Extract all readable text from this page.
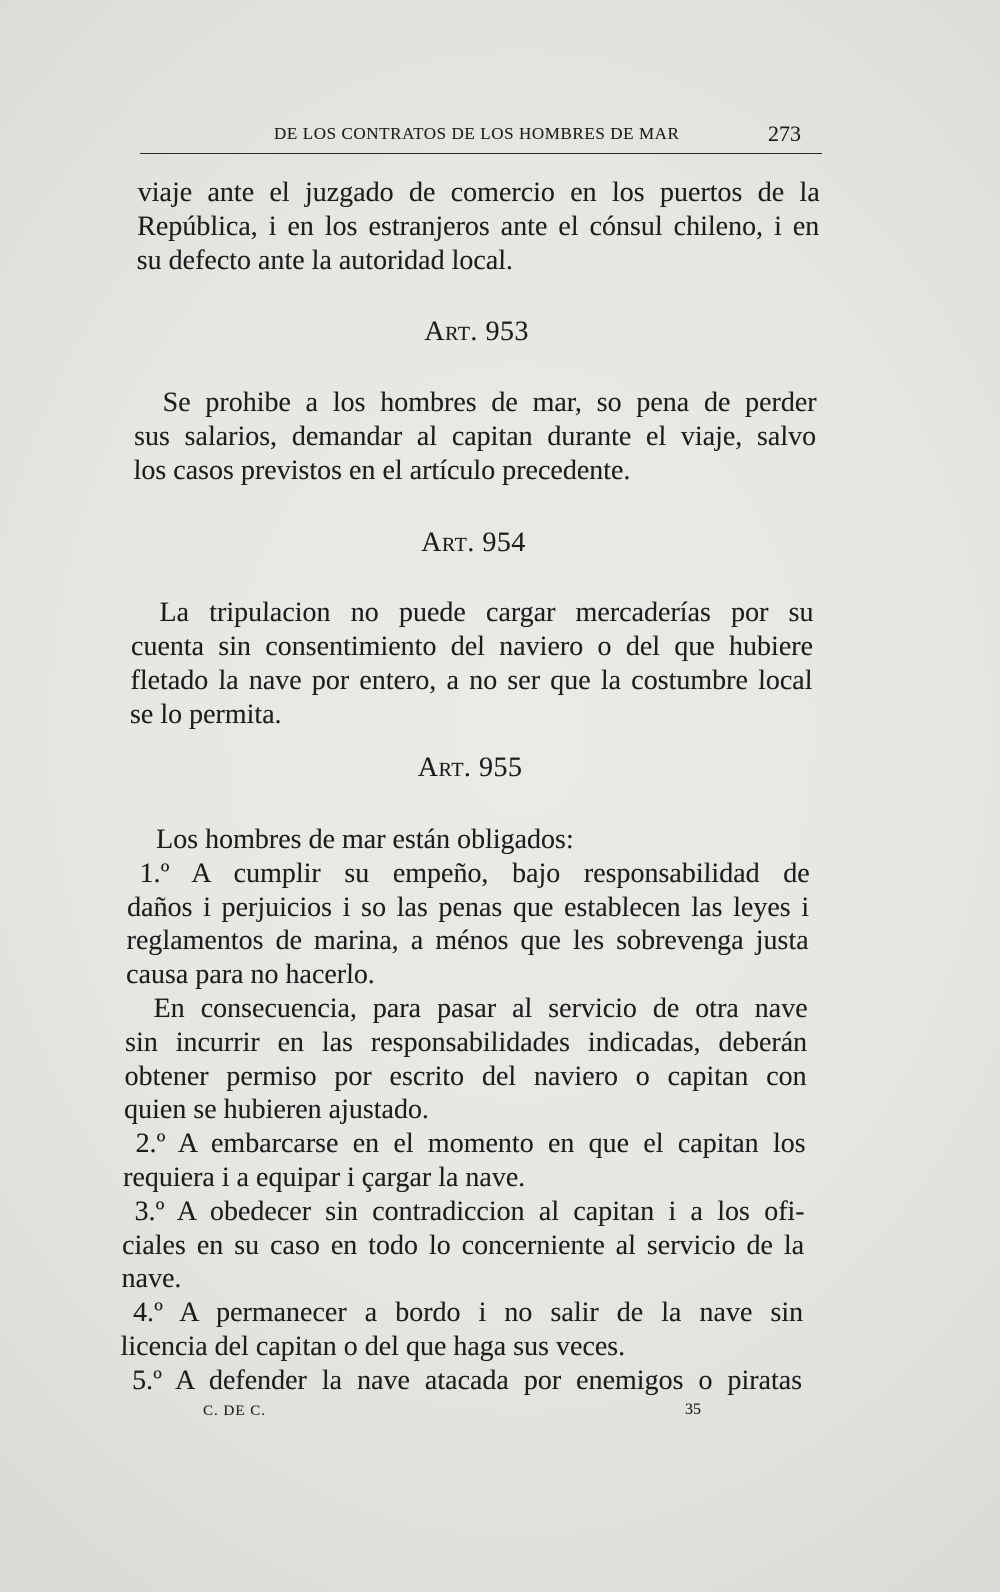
DE LOS CONTRATOS DE LOS HOMBRES DE MAR	273
viaje ante el juzgado de comercio en los puertos de la
República, i en los estranjeros ante el cónsul chileno, i en
su defecto ante la autoridad local.
Art. 953
Se prohibe a los hombres de mar, so pena de perder
sus salarios, demandar al capitan durante el viaje, salvo
los casos previstos en el artículo precedente.
Art. 954
La tripulacion no puede cargar mercaderías por su
cuenta sin consentimiento del naviero o del que hubiere
fletado la nave por entero, a no ser que la costumbre local
se lo permita.
Art. 955
Los hombres de mar están obligados:
1.º A cumplir su empeño, bajo responsabilidad de
daños i perjuicios i so las penas que establecen las leyes i
reglamentos de marina, a ménos que les sobrevenga justa
causa para no hacerlo.
En consecuencia, para pasar al servicio de otra nave
sin incurrir en las responsabilidades indicadas, deberán
obtener permiso por escrito del naviero o capitan con
quien se hubieren ajustado.
2.º A embarcarse en el momento en que el capitan los
requiera i a equipar i çargar la nave.
3.º A obedecer sin contradiccion al capitan i a los ofi-
ciales en su caso en todo lo concerniente al servicio de la
nave.
4.º A permanecer a bordo i no salir de la nave sin
licencia del capitan o del que haga sus veces.
5.º A defender la nave atacada por enemigos o piratas
C. DE C.	35
